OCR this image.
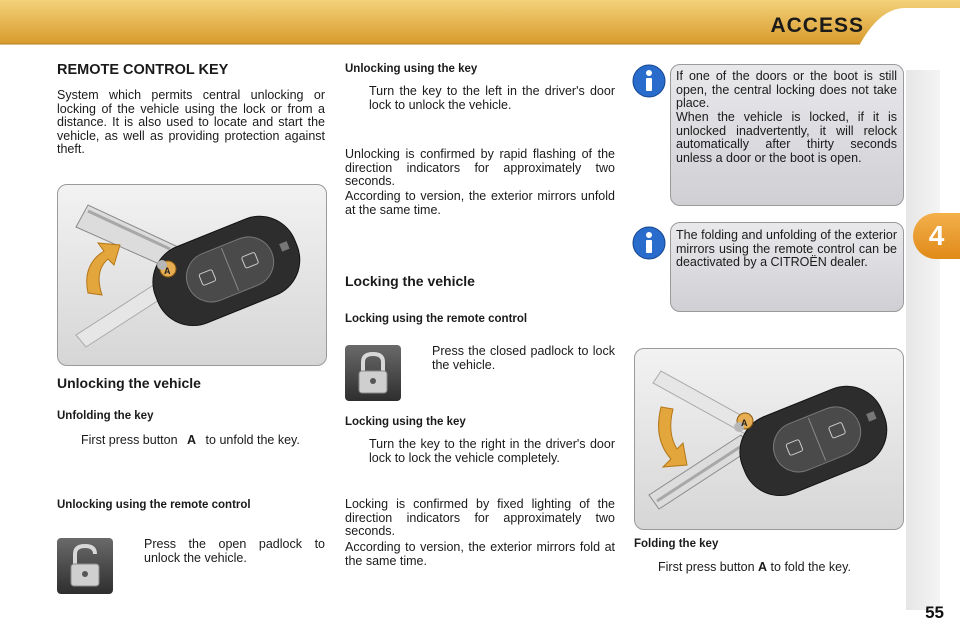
ACCESS
4
55
REMOTE CONTROL KEY
System which permits central unlocking or locking of the vehicle using the lock or from a distance. It is also used to locate and start the vehicle, as well as providing protection against theft.
A
Unlocking the vehicle
Unfolding the key
First press button A to unfold the key.
Unlocking using the remote control
Press the open padlock to unlock the vehicle.
Unlocking using the key
Turn the key to the left in the driver's door lock to unlock the vehicle.
Unlocking is confirmed by rapid flashing of the direction indicators for approximately two seconds.
According to version, the exterior mirrors unfold at the same time.
Locking the vehicle
Locking using the remote control
Press the closed padlock to lock the vehicle.
Locking using the key
Turn the key to the right in the driver's door lock to lock the vehicle completely.
Locking is confirmed by fixed lighting of the direction indicators for approximately two seconds.
According to version, the exterior mirrors fold at the same time.
If one of the doors or the boot is still open, the central locking does not take place.
When the vehicle is locked, if it is unlocked inadvertently, it will relock automatically after thirty seconds unless a door or the boot is open.
The folding and unfolding of the exterior mirrors using the remote control can be deactivated by a CITROËN dealer.
A
Folding the key
First press button A to fold the key.
